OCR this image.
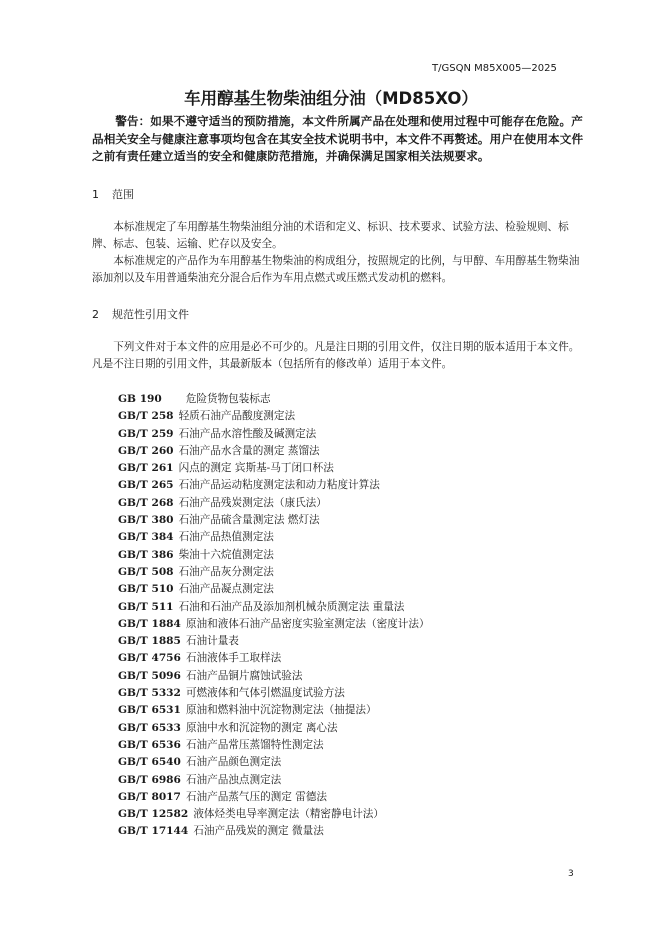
T/GSQN M85X005—2025
车用醇基生物柴油组分油（MD85XO）

警告：如果不遵守适当的预防措施，本文件所属产品在处理和使用过程中可能存在危险。产品相关安全与健康注意事项均包含在其安全技术说明书中，本文件不再赘述。用户在使用本文件之前有责任建立适当的安全和健康防范措施，并确保满足国家相关法规要求。

1 范围

本标准规定了车用醇基生物柴油组分油的术语和定义、标识、技术要求、试验方法、检验规则、标牌、标志、包装、运输、贮存以及安全。

本标准规定的产品作为车用醇基生物柴油的构成组分，按照规定的比例，与甲醇、车用醇基生物柴油添加剂以及车用普通柴油充分混合后作为车用点燃式或压燃式发动机的燃料。

2 规范性引用文件

下列文件对于本文件的应用是必不可少的。凡是注日期的引用文件，仅注日期的版本适用于本文件。凡是不注日期的引用文件，其最新版本（包括所有的修改单）适用于本文件。

GB 190 危险货物包装标志
GB/T 258 轻质石油产品酸度测定法
GB/T 259 石油产品水溶性酸及碱测定法
GB/T 260 石油产品水含量的测定 蒸馏法
GB/T 261 闪点的测定 宾斯基-马丁闭口杯法
GB/T 265 石油产品运动粘度测定法和动力粘度计算法
GB/T 268 石油产品残炭测定法（康氏法）
GB/T 380 石油产品硫含量测定法 燃灯法
GB/T 384 石油产品热值测定法
GB/T 386 柴油十六烷值测定法
GB/T 508 石油产品灰分测定法
GB/T 510 石油产品凝点测定法
GB/T 511 石油和石油产品及添加剂机械杂质测定法 重量法
GB/T 1884 原油和液体石油产品密度实验室测定法（密度计法）
GB/T 1885 石油计量表
GB/T 4756 石油液体手工取样法
GB/T 5096 石油产品铜片腐蚀试验法
GB/T 5332 可燃液体和气体引燃温度试验方法
GB/T 6531 原油和燃料油中沉淀物测定法（抽提法）
GB/T 6533 原油中水和沉淀物的测定 离心法
GB/T 6536 石油产品常压蒸馏特性测定法
GB/T 6540 石油产品颜色测定法
GB/T 6986 石油产品浊点测定法
GB/T 8017 石油产品蒸气压的测定 雷德法
GB/T 12582 液体烃类电导率测定法（精密静电计法）
GB/T 17144 石油产品残炭的测定 微量法
3
